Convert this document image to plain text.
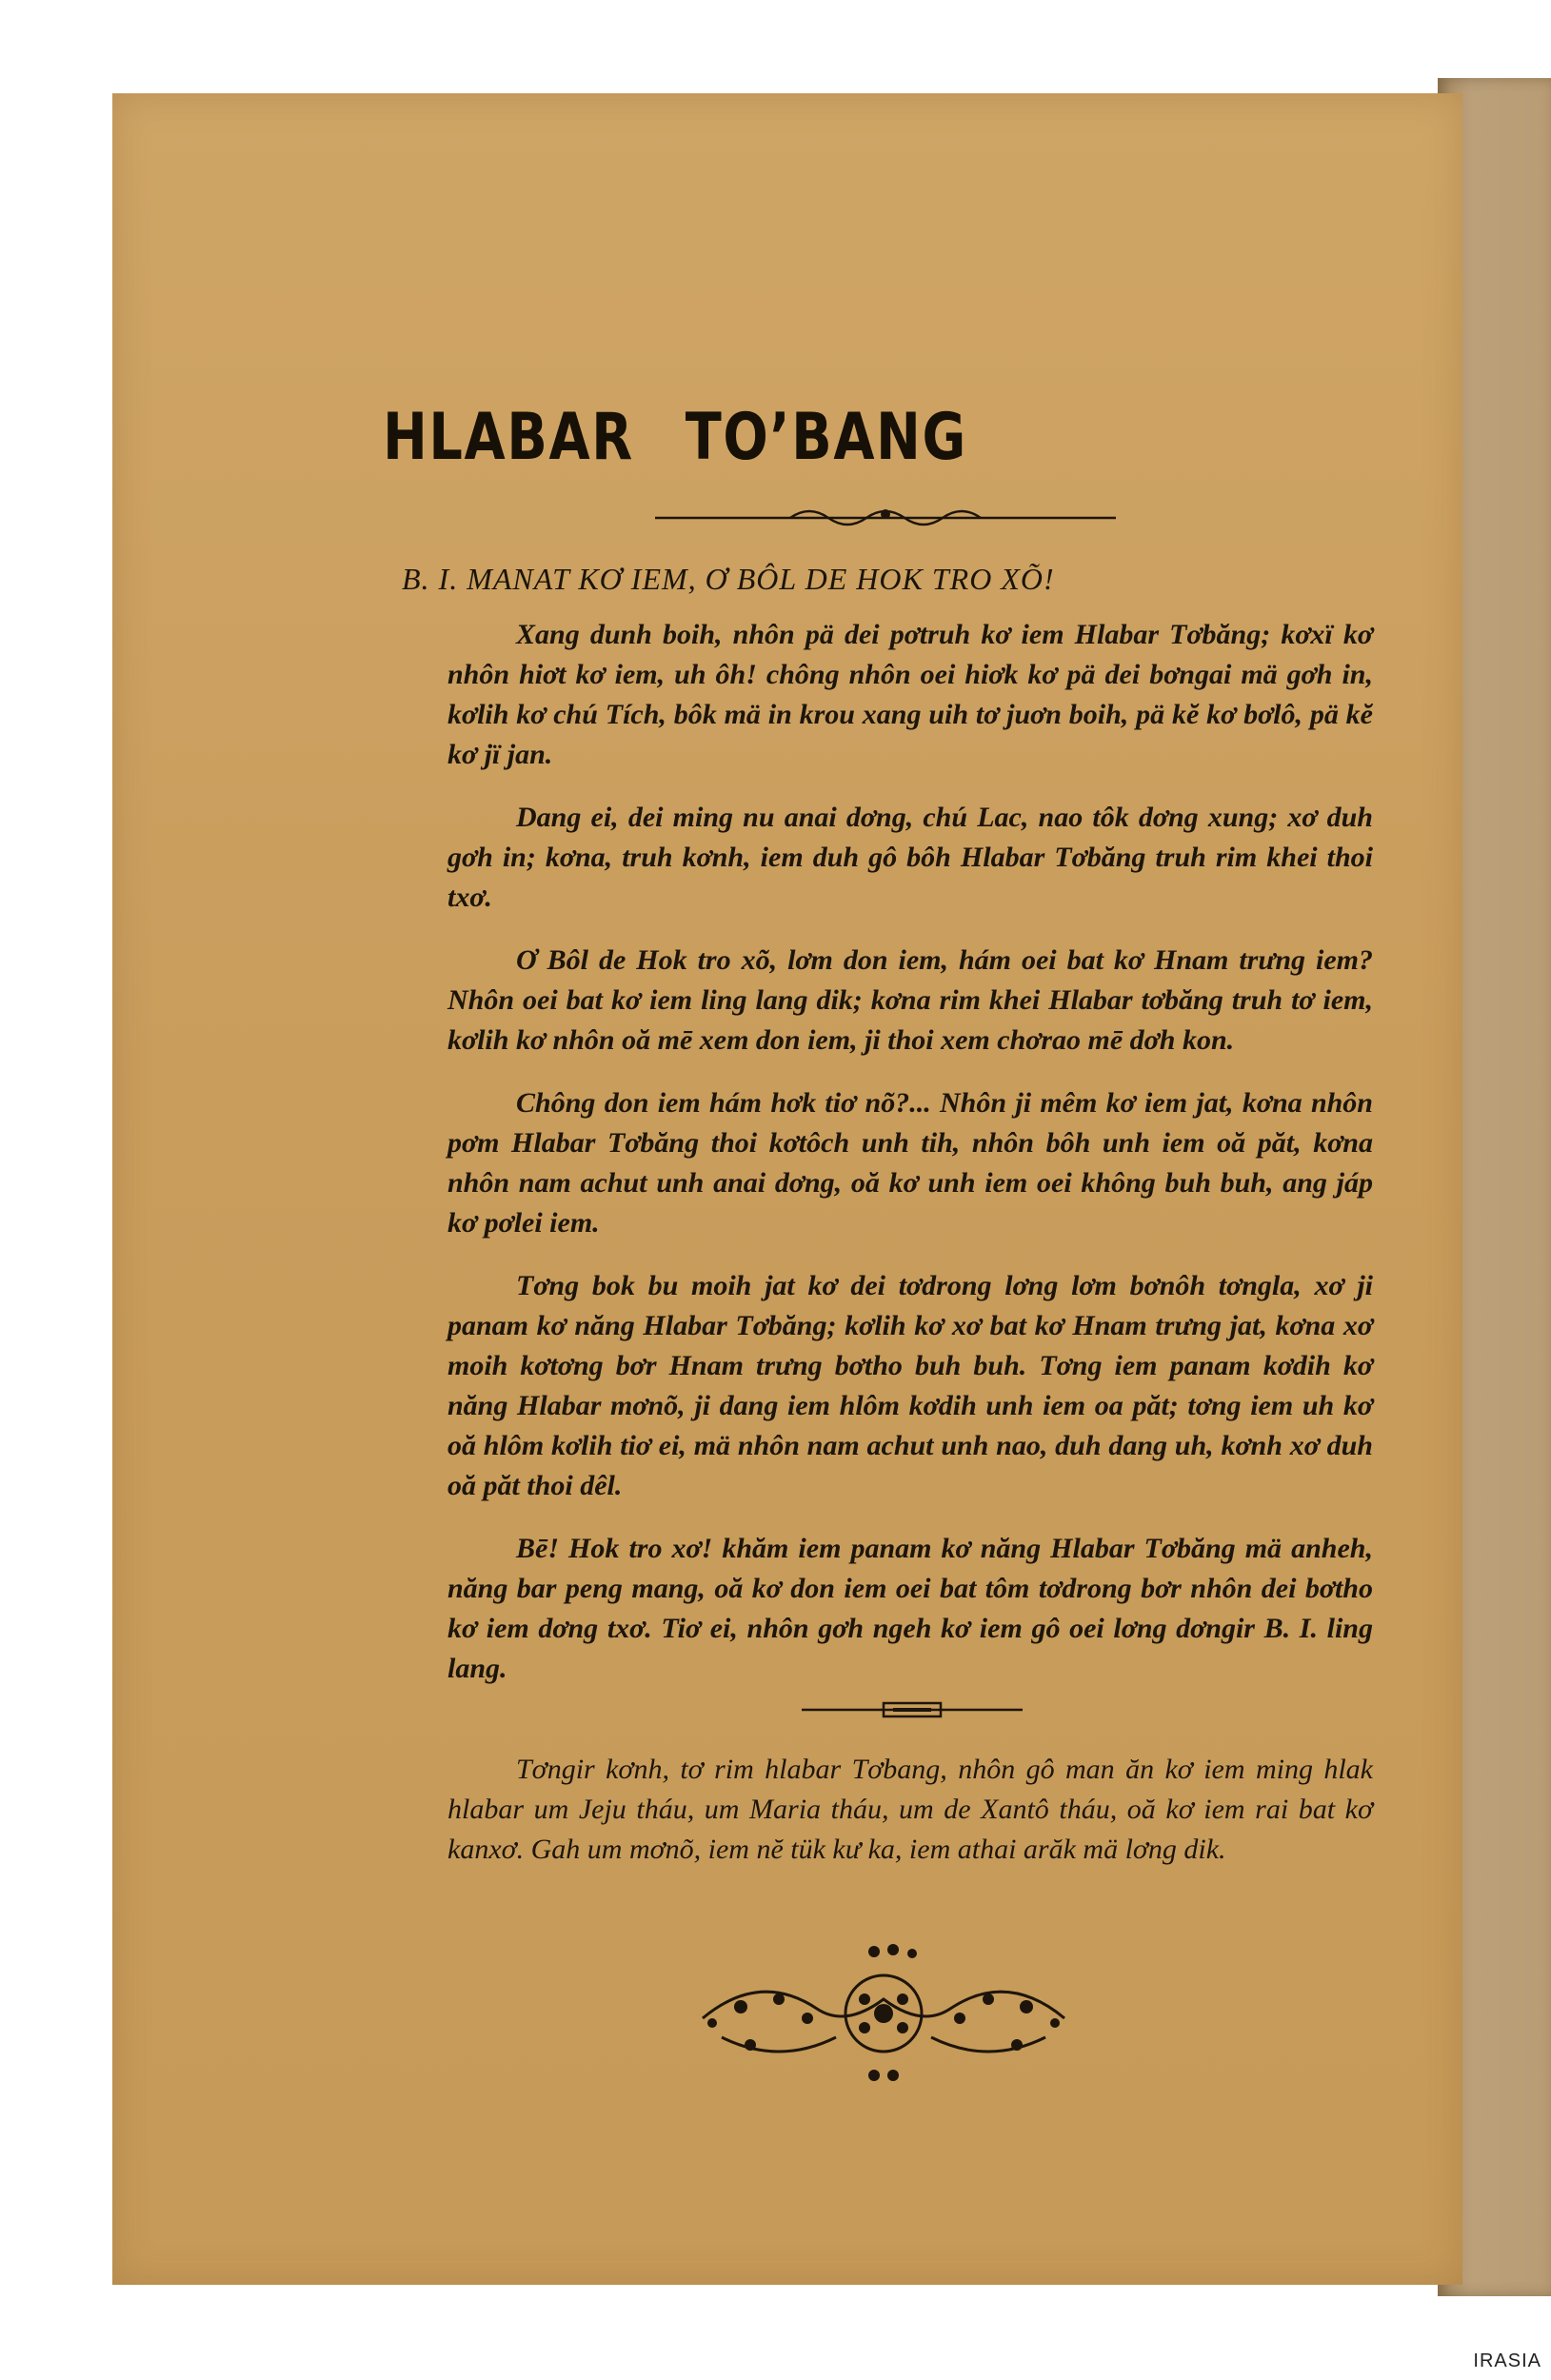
HLABAR TO’BANG
B. I. MANAT KƠ IEM, Ơ BÔL DE HOK TRO XÕ!

Xang dunh boih, nhôn pä dei pơtruh kơ iem Hlabar Tơbăng; kơxï kơ nhôn hiơt kơ iem, uh ôh! chông nhôn oei hiơk kơ pä dei bơngai mä gơh in, kơlih kơ chú Tích, bôk mä in krou xang uih tơ juơn boih, pä kĕ kơ bơlô, pä kĕ kơ jï jan.

Dang ei, dei ming nu anai dơng, chú Lac, nao tôk dơng xung; xơ duh gơh in; kơna, truh kơnh, iem duh gô bôh Hlabar Tơbăng truh rim khei thoi txơ.

Ơ Bôl de Hok tro xõ, lơm don iem, hám oei bat kơ Hnam trưng iem? Nhôn oei bat kơ iem ling lang dik; kơna rim khei Hlabar tơbăng truh tơ iem, kơlih kơ nhôn oă mē xem don iem, ji thoi xem chơrao mē dơh kon.

Chông don iem hám hơk tiơ nõ?... Nhôn ji mêm kơ iem jat, kơna nhôn pơm Hlabar Tơbăng thoi kơtôch unh tih, nhôn bôh unh iem oă păt, kơna nhôn nam achut unh anai dơng, oă kơ unh iem oei không buh buh, ang jáp kơ pơlei iem.

Tơng bok bu moih jat kơ dei tơdrong lơng lơm bơnôh tơngla, xơ ji panam kơ năng Hlabar Tơbăng; kơlih kơ xơ bat kơ Hnam trưng jat, kơna xơ moih kơtơng bơr Hnam trưng bơtho buh buh. Tơng iem panam kơdih kơ năng Hlabar mơnõ, ji dang iem hlôm kơdih unh iem oa păt; tơng iem uh kơ oă hlôm kơlih tiơ ei, mä nhôn nam achut unh nao, duh dang uh, kơnh xơ duh oă păt thoi dêl.

Bē! Hok tro xơ! khăm iem panam kơ năng Hlabar Tơbăng mä anheh, năng bar peng mang, oă kơ don iem oei bat tôm tơdrong bơr nhôn dei bơtho kơ iem dơng txơ. Tiơ ei, nhôn gơh ngeh kơ iem gô oei lơng dơngir B. I. ling lang.

Tơngir kơnh, tơ rim hlabar Tơbang, nhôn gô man ăn kơ iem ming hlak hlabar um Jeju tháu, um Maria tháu, um de Xantô tháu, oă kơ iem rai bat kơ kanxơ. Gah um mơnõ, iem nĕ tük kư ka, iem athai arăk mä lơng dik.

IRASIA
